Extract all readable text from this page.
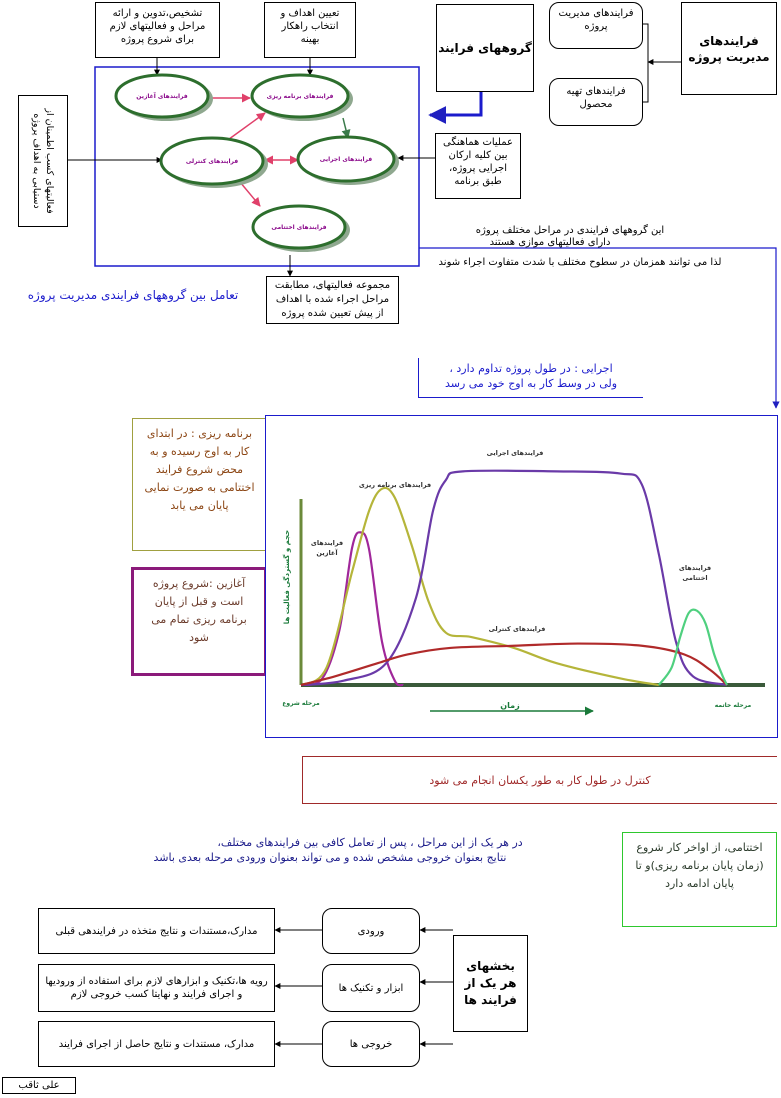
فرایندهای مدیریت پروژه
فرایندهای مدیریت پروژه
فرایندهای تهیه محصول
گروههای فرایند
تشخیص،تدوین و ارائه مراحل و فعالیتهای لازم برای شروع پروژه
تعیین اهداف و انتخاب راهکار بهینه
عملیات هماهنگی بین کلیه ارکان اجرایی پروژه، طبق برنامه
فعالیتهای کسب اطمینان از دستیابی به اهداف پروژه
مجموعه فعالیتهای، مطابقت مراحل اجراء شده با اهداف از پیش تعیین شده پروژه
فرایندهای آغازین	فرایندهای برنامه ریزی
فرایندهای کنترلی	فرایندهای اجرایی
فرایندهای اختتامی
تعامل بین گروههای فرایندی مدیریت پروژه
این گروههای فرایندی در مراحل مختلف پروژه
دارای فعالیتهای موازی هستند
لذا می توانند همزمان در سطوح مختلف با شدت متفاوت اجراء شوند
اجرایی : در طول پروژه تداوم دارد ،
ولی در وسط کار به اوج خود می رسد
برنامه ریزی : در ابتدای کار به اوج رسیده و به محض شروع فرایند اختتامی به صورت نمایی پایان می یابد
آغازین :شروع پروژه است و قبل از پایان برنامه ریزی تمام می شود
زمان
مرحله شروع	مرحله خاتمه
حجم و گستردگی فعالیت ها	فرایندهای
آغازین
فرایندهای برنامه ریزی
فرایندهای اجرایی
فرایندهای کنترلی
فرایندهای
اختتامی
کنترل در طول کار به طور یکسان انجام می شود
اختتامی، از اواخر کار شروع (زمان پایان برنامه ریزی)و تا پایان ادامه دارد
در هر یک از این مراحل ، پس از تعامل کافی بین فرایندهای مختلف،
نتایج بعنوان خروجی مشخص شده و می تواند بعنوان ورودی مرحله بعدی باشد
بخشهای هر یک از فرایند ها
ورودی
ابزار و تکنیک ها
خروجی ها
مدارک،مستندات و نتایج متخذه در فرایندهی قبلی
رویه ها،تکنیک و ابزارهای لازم برای استفاده از ورودیها و اجرای فرایند و نهایتا کسب خروجی لازم
مدارک، مستندات و نتایج حاصل از اجرای فرایند
علی ثاقب
